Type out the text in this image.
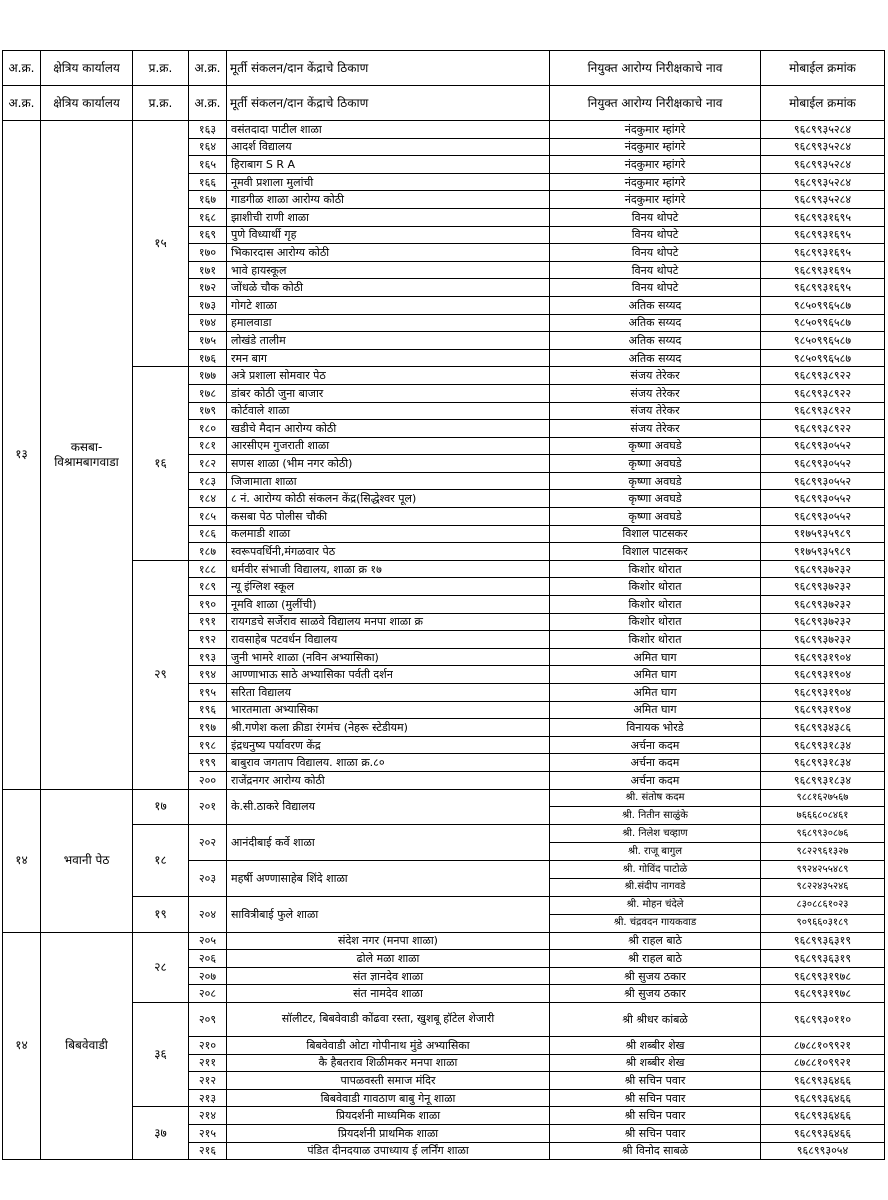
अ.क्र.	क्षेत्रिय कार्यालय	प्र.क्र.	अ.क्र.	मूर्ती संकलन/दान केंद्राचे ठिकाण	नियुक्त आरोग्य निरीक्षकाचे नाव	मोबाईल क्रमांक
अ.क्र.	क्षेत्रिय कार्यालय	प्र.क्र.	अ.क्र.	मूर्ती संकलन/दान केंद्राचे ठिकाण	नियुक्त आरोग्य निरीक्षकाचे नाव	मोबाईल क्रमांक
१३	कसबा-विश्रामबागवाडा	१५	१६३	वसंतदादा पाटील शाळा	नंदकुमार म्हांगरे	९६८९९३५२८४
			१६४	आदर्श विद्यालय	नंदकुमार म्हांगरे	९६८९९३५२८४
			१६५	हिराबाग S R A	नंदकुमार म्हांगरे	९६८९९३५२८४
			१६६	नूमवी प्रशाला मुलांची	नंदकुमार म्हांगरे	९६८९९३५२८४
			१६७	गाडगीळ शाळा आरोग्य कोठी	नंदकुमार म्हांगरे	९६८९९३५२८४
			१६८	झाशीची राणी शाळा	विनय थोपटे	९६८९९३१६९५
			१६९	पुणे विध्यार्थी गृह	विनय थोपटे	९६८९९३१६९५
			१७०	भिकारदास आरोग्य कोठी	विनय थोपटे	९६८९९३१६९५
			१७१	भावे हायस्कूल	विनय थोपटे	९६८९९३१६९५
			१७२	जोंधळे चौक कोठी	विनय थोपटे	९६८९९३१६९५
			१७३	गोगटे शाळा	अतिक सय्यद	९८५०९९६५८७
			१७४	हमालवाडा	अतिक सय्यद	९८५०९९६५८७
			१७५	लोखंडे तालीम	अतिक सय्यद	९८५०९९६५८७
			१७६	रमन बाग	अतिक सय्यद	९८५०९९६५८७
		१६	१७७	अत्रे प्रशाला सोमवार पेठ	संजय तेरेकर	९६८९९३८९२२
			१७८	डांबर कोठी जुना बाजार	संजय तेरेकर	९६८९९३८९२२
			१७९	कोर्टवाले शाळा	संजय तेरेकर	९६८९९३८९२२
			१८०	खडीचे मैदान आरोग्य कोठी	संजय तेरेकर	९६८९९३८९२२
			१८१	आरसीएम गुजराती शाळा	कृष्णा अवघडे	९६८९९३०५५२
			१८२	सणस शाळा (भीम नगर कोठी)	कृष्णा अवघडे	९६८९९३०५५२
			१८३	जिजामाता शाळा	कृष्णा अवघडे	९६८९९३०५५२
			१८४	८ नं. आरोग्य कोठी संकलन केंद्र(सिद्धेश्वर पूल)	कृष्णा अवघडे	९६८९९३०५५२
			१८५	कसबा पेठ पोलीस चौकी	कृष्णा अवघडे	९६८९९३०५५२
			१८६	कलमाडी शाळा	विशाल पाटसकर	९१७५९३५९८९
			१८७	स्वरूपवर्धिनी,मंगळवार पेठ	विशाल पाटसकर	९१७५९३५९८९
		२९	१८८	धर्मवीर संभाजी विद्यालय, शाळा क्र १७	किशोर थोरात	९६८९९३७२३२
			१८९	न्यू इंग्लिश स्कूल	किशोर थोरात	९६८९९३७२३२
			१९०	नूमवि शाळा (मुलींची)	किशोर थोरात	९६८९९३७२३२
			१९१	रायगडचे सर्जेराव साळवे विद्यालय मनपा शाळा क्र	किशोर थोरात	९६८९९३७२३२
			१९२	रावसाहेब पटवर्धन विद्यालय	किशोर थोरात	९६८९९३७२३२
			१९३	जुनी भामरे शाळा (नविन अभ्यासिका)	अमित घाग	९६८९९३१९०४
			१९४	आण्णाभाऊ साठे अभ्यासिका पर्वती दर्शन	अमित घाग	९६८९९३१९०४
			१९५	सरिता विद्यालय	अमित घाग	९६८९९३१९०४
			१९६	भारतमाता अभ्यासिका	अमित घाग	९६८९९३१९०४
			१९७	श्री.गणेश कला क्रीडा रंगमंच (नेहरू स्टेडीयम)	विनायक भोरडे	९६८९९३४३८६
			१९८	इंद्रधनुष्य पर्यावरण केंद्र	अर्चना कदम	९६८९९३१८३४
			१९९	बाबुराव जगताप विद्यालय. शाळा क्र.८०	अर्चना कदम	९६८९९३१८३४
			२००	राजेंद्रनगर आरोग्य कोठी	अर्चना कदम	९६८९९३१८३४
१४	भवानी पेठ	१७	२०१	के.सी.ठाकरे विद्यालय	श्री. संतोष कदम	९८८१६२७५६७
					श्री. नितीन साळुंके	७६६६८०८४६१
		१८	२०२	आनंदीबाई कर्वे शाळा	श्री. निलेश चव्हाण	९६८९९३०८७६
					श्री. राजू बागुल	९८२२९६१३२७
			२०३	महर्षी अण्णासाहेब शिंदे शाळा	श्री. गोविंद पाटोळे	९९२४२५५४८९
					श्री.संदीप नागवडे	९८२२४३५२४६
		१९	२०४	सावित्रीबाई फुले शाळा	श्री. मोहन चंदेले	८३०८८६१०२३
					श्री. चंद्रवदन गायकवाड	९०९६६०३१८९
१४	बिबवेवाडी	२८	२०५	संदेश नगर (मनपा शाळा)	श्री राहल बाठे	९६८९९३६३१९
			२०६	ढोले मळा शाळा	श्री राहल बाठे	९६८९९३६३१९
			२०७	संत ज्ञानदेव शाळा	श्री सुजय ठकार	९६८९९३१९७८
			२०८	संत नामदेव शाळा	श्री सुजय ठकार	९६८९९३१९७८
		३६	२०९	सॉलीटर, बिबवेवाडी कोंढवा रस्ता, खुशबू हॉटेल शेजारी	श्री श्रीधर कांबळे	९६८९९३०११०
			२१०	बिबवेवाडी ओटा गोपीनाथ मुंडे अभ्यासिका	श्री शब्बीर शेख	८७८८१०९९२१
			२११	कै हैबतराव शिळीमकर मनपा शाळा	श्री शब्बीर शेख	८७८८१०९९२१
			२१२	पापळवस्ती समाज मंदिर	श्री सचिन पवार	९६८९९३६४६६
			२१३	बिबवेवाडी गावठाण बाबु गेनू शाळा	श्री सचिन पवार	९६८९९३६४६६
		३७	२१४	प्रियदर्शनी माध्यमिक शाळा	श्री सचिन पवार	९६८९९३६४६६
			२१५	प्रियदर्शनी प्राथमिक शाळा	श्री सचिन पवार	९६८९९३६४६६
			२१६	पंडित दीनदयाळ उपाध्याय ई लर्निंग शाळा	श्री विनोद साबळे	९६८९९३०५४
